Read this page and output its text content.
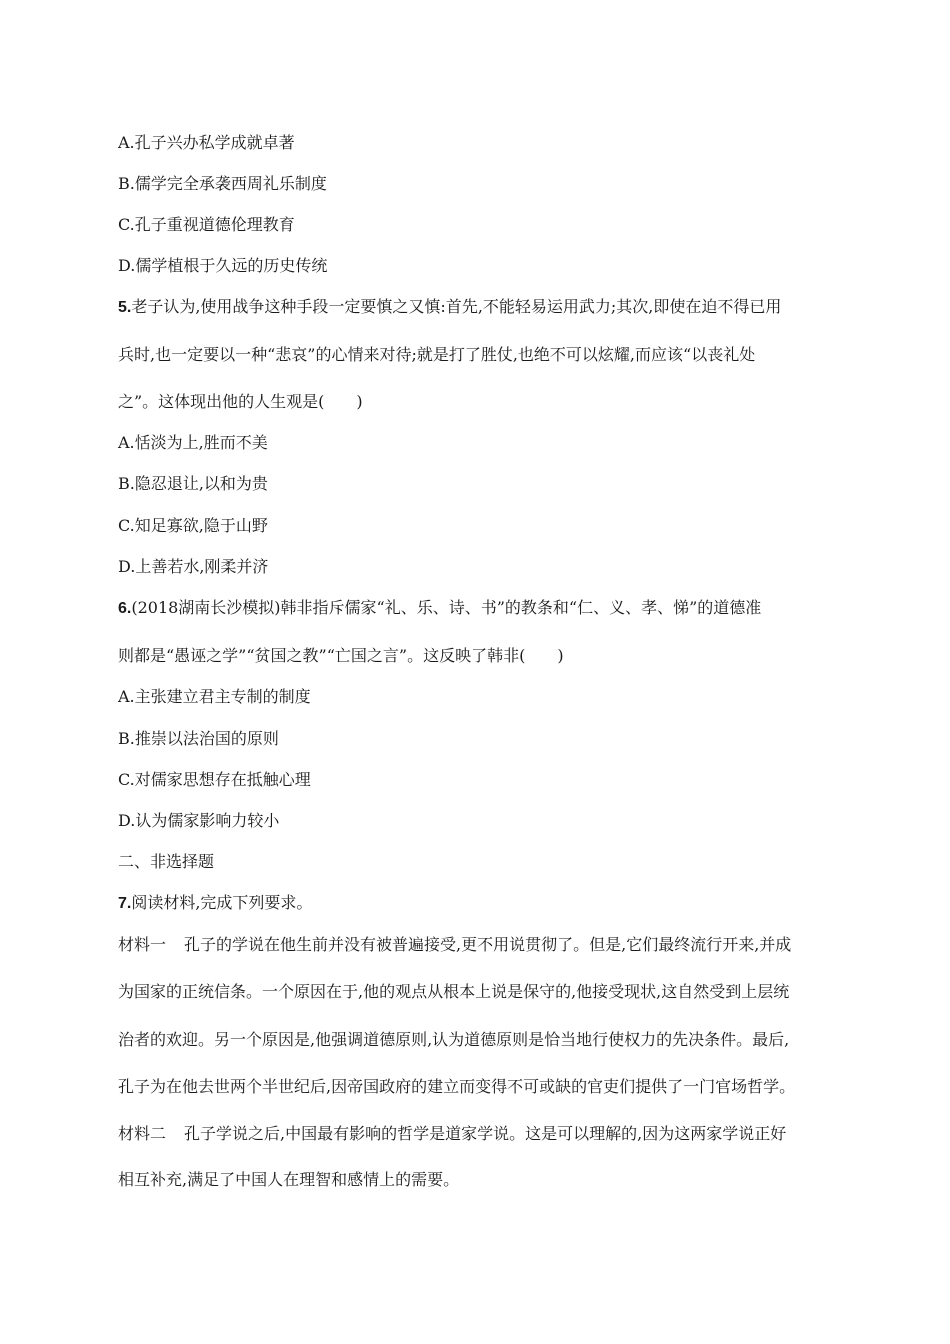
A.孔子兴办私学成就卓著
B.儒学完全承袭西周礼乐制度
C.孔子重视道德伦理教育
D.儒学植根于久远的历史传统
5.老子认为,使用战争这种手段一定要慎之又慎:首先,不能轻易运用武力;其次,即使在迫不得已用
兵时,也一定要以一种“悲哀”的心情来对待;就是打了胜仗,也绝不可以炫耀,而应该“以丧礼处
之”。这体现出他的人生观是(　　)
A.恬淡为上,胜而不美
B.隐忍退让,以和为贵
C.知足寡欲,隐于山野
D.上善若水,刚柔并济
6.(2018湖南长沙模拟)韩非指斥儒家“礼、乐、诗、书”的教条和“仁、义、孝、悌”的道德准
则都是“愚诬之学”“贫国之教”“亡国之言”。这反映了韩非(　　)
A.主张建立君主专制的制度
B.推崇以法治国的原则
C.对儒家思想存在抵触心理
D.认为儒家影响力较小
二、非选择题
7.阅读材料,完成下列要求。
材料一 孔子的学说在他生前并没有被普遍接受,更不用说贯彻了。但是,它们最终流行开来,并成
为国家的正统信条。一个原因在于,他的观点从根本上说是保守的,他接受现状,这自然受到上层统
治者的欢迎。另一个原因是,他强调道德原则,认为道德原则是恰当地行使权力的先决条件。最后,
孔子为在他去世两个半世纪后,因帝国政府的建立而变得不可或缺的官吏们提供了一门官场哲学。
材料二 孔子学说之后,中国最有影响的哲学是道家学说。这是可以理解的,因为这两家学说正好
相互补充,满足了中国人在理智和感情上的需要。
